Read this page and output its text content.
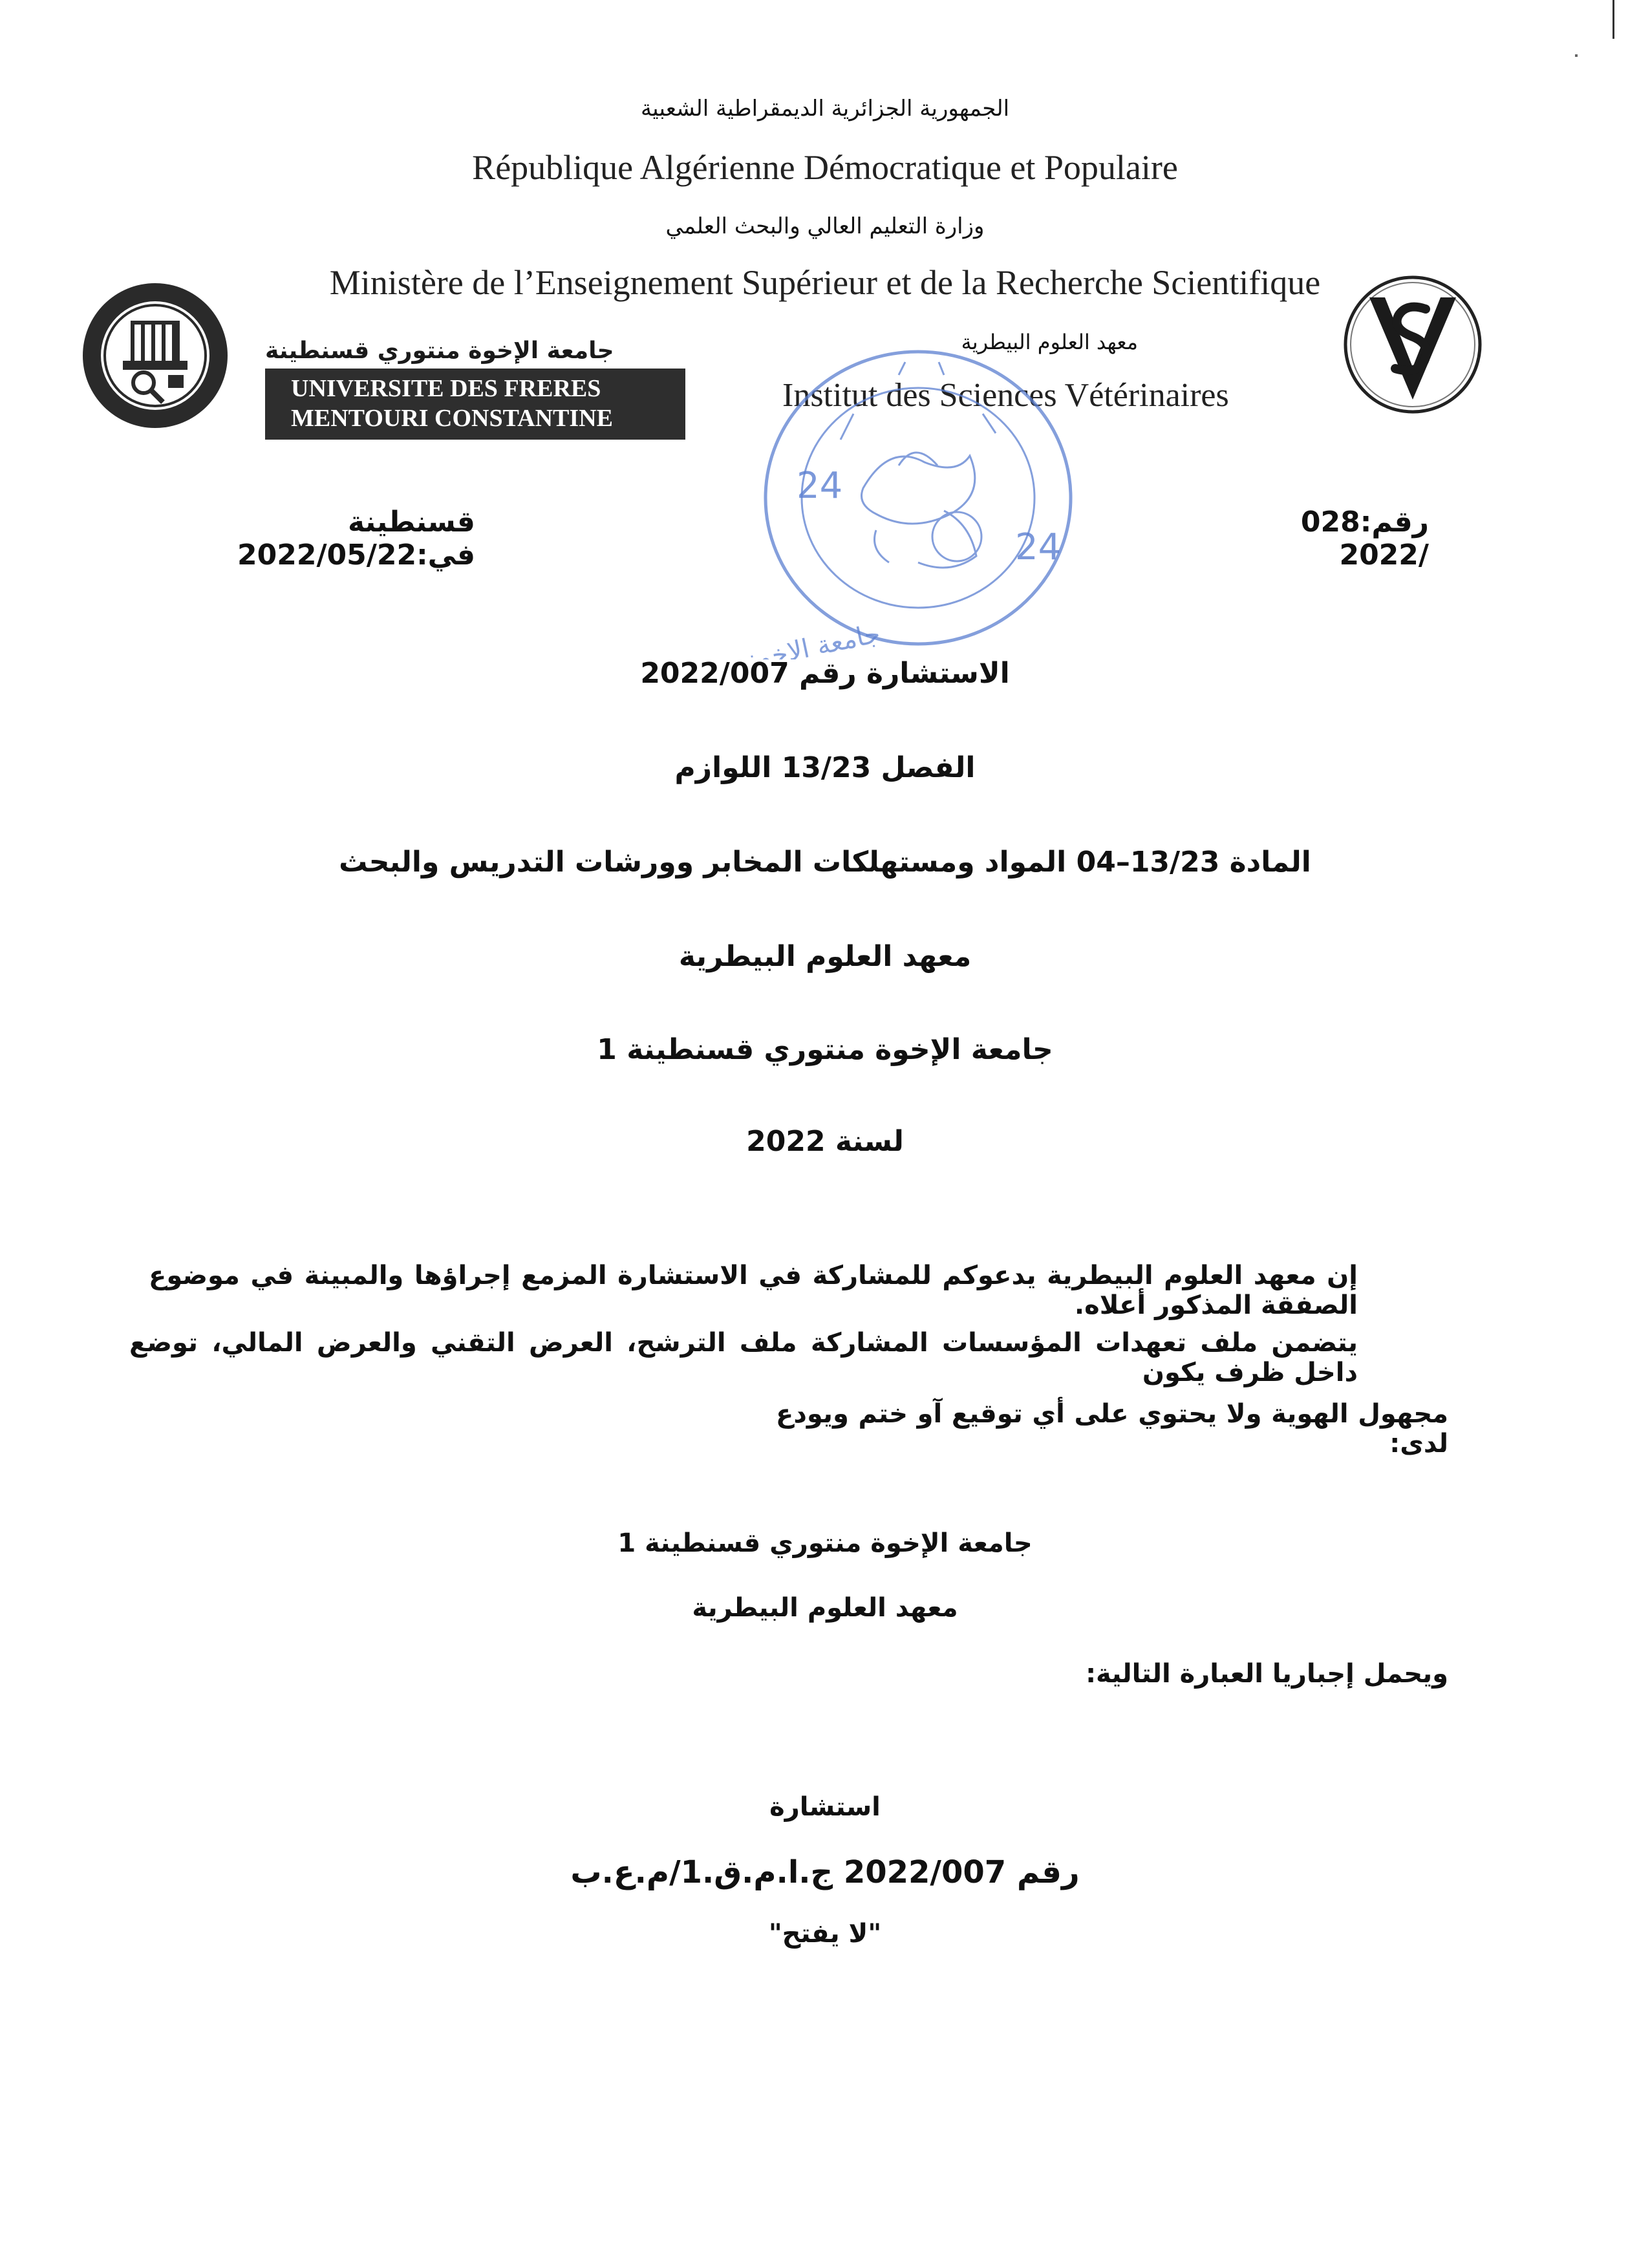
الجمهورية الجزائرية الديمقراطية الشعبية
République Algérienne Démocratique et Populaire
وزارة التعليم العالي والبحث العلمي
Ministère de l’Enseignement Supérieur et de la Recherche Scientifique
جامعة الإخوة منتوري قسنطينة
UNIVERSITE DES FRERES
MENTOURI CONSTANTINE
معهد العلوم البيطرية
Institut des Sciences Vétérinaires
24
24
جامعة الإخوة
رقم:028 /2022
قسنطينة في:2022/05/22
الاستشارة رقم 2022/007
الفصل 13/23 اللوازم
المادة 13/23–04 المواد ومستهلكات المخابر وورشات التدريس والبحث
معهد العلوم البيطرية
جامعة الإخوة منتوري قسنطينة 1
لسنة 2022
إن معهد العلوم البيطرية يدعوكم للمشاركة في الاستشارة المزمع إجراؤها والمبينة في موضوع الصفقة المذكور أعلاه.
يتضمن ملف تعهدات المؤسسات المشاركة ملف الترشح، العرض التقني والعرض المالي، توضع داخل ظرف يكون
مجهول الهوية ولا يحتوي على أي توقيع آو ختم ويودع لدى:
جامعة الإخوة منتوري قسنطينة 1
معهد العلوم البيطرية
ويحمل إجباريا العبارة التالية:
استشارة
رقم 2022/007 ج.ا.م.ق.1/م.ع.ب
"لا يفتح"
